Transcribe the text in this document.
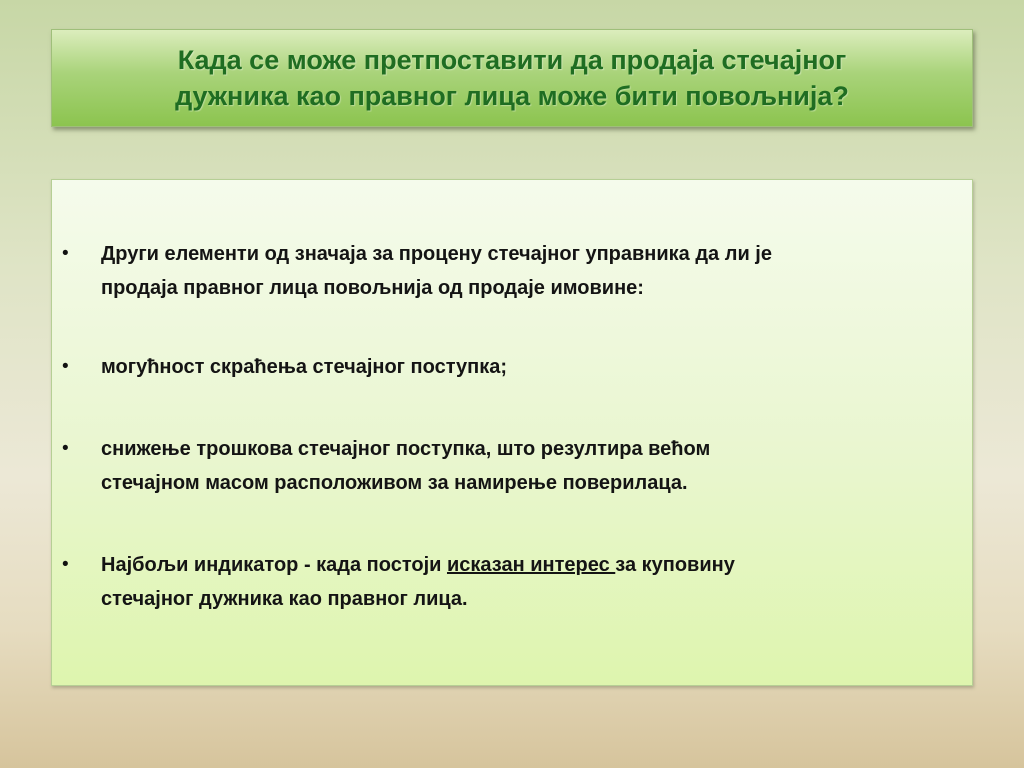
Када се може претпоставити да продаја стечајног
дужника као правног лица може бити повољнија?
• Други елементи од значаја за процену стечајног управника да ли је
продаја правног лица повољнија од продаје имовине:
• могућност скраћења стечајног поступка;
• снижење трошкова стечајног поступка, што резултира већом
стечајном масом расположивом за намирење поверилаца.
• Најбољи индикатор - када постоји исказан интерес за куповину
стечајног дужника као правног лица.
